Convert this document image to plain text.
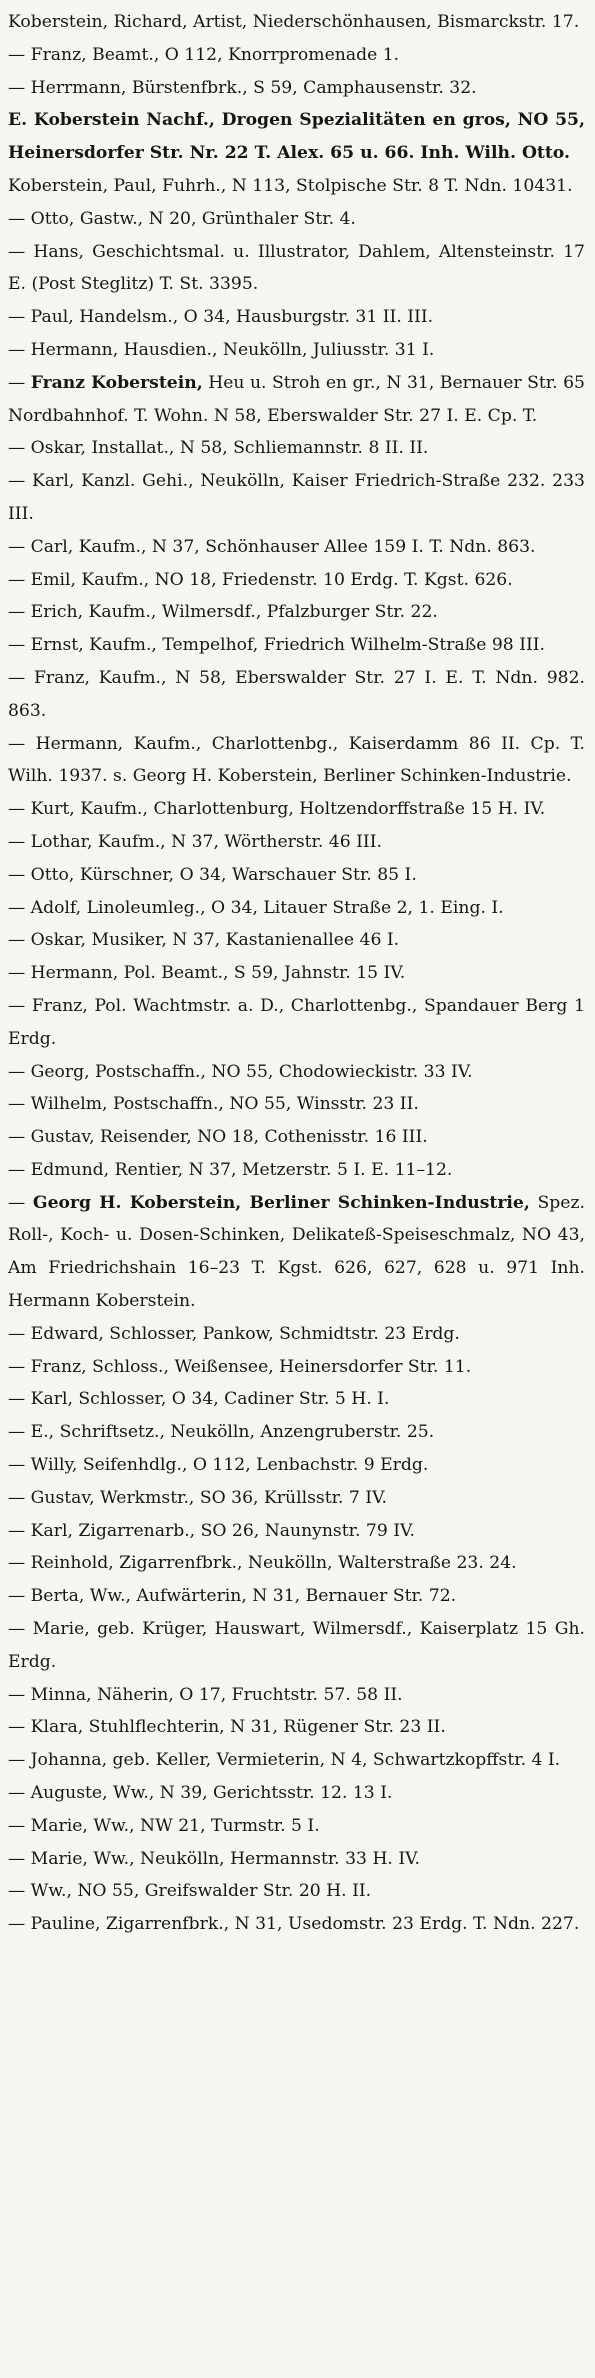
Koberstein, Richard, Artist, Niederschönhausen, Bismarckstr. 17.

— Franz, Beamt., O 112, Knorrpromenade 1.

— Herrmann, Bürstenfbrk., S 59, Camphausenstr. 32.

E. Koberstein Nachf., Drogen Spezialitäten en gros, NO 55, Heinersdorfer Str. Nr. 22 T. Alex. 65 u. 66. Inh. Wilh. Otto.

Koberstein, Paul, Fuhrh., N 113, Stolpische Str. 8 T. Ndn. 10431.

— Otto, Gastw., N 20, Grünthaler Str. 4.

— Hans, Geschichtsmal. u. Illustrator, Dahlem, Altensteinstr. 17 E. (Post Steglitz) T. St. 3395.

— Paul, Handelsm., O 34, Hausburgstr. 31 II. III.

— Hermann, Hausdien., Neukölln, Juliusstr. 31 I.

— Franz Koberstein, Heu u. Stroh en gr., N 31, Bernauer Str. 65 Nordbahnhof. T. Wohn. N 58, Eberswalder Str. 27 I. E. Cp. T.

— Oskar, Installat., N 58, Schliemannstr. 8 II. II.

— Karl, Kanzl. Gehi., Neukölln, Kaiser Friedrich-Straße 232. 233 III.

— Carl, Kaufm., N 37, Schönhauser Allee 159 I. T. Ndn. 863.

— Emil, Kaufm., NO 18, Friedenstr. 10 Erdg. T. Kgst. 626.

— Erich, Kaufm., Wilmersdf., Pfalzburger Str. 22.

— Ernst, Kaufm., Tempelhof, Friedrich Wilhelm-Straße 98 III.

— Franz, Kaufm., N 58, Eberswalder Str. 27 I. E. T. Ndn. 982. 863.

— Hermann, Kaufm., Charlottenbg., Kaiserdamm 86 II. Cp. T. Wilh. 1937. s. Georg H. Koberstein, Berliner Schinken-Industrie.

— Kurt, Kaufm., Charlottenburg, Holtzendorffstraße 15 H. IV.

— Lothar, Kaufm., N 37, Wörtherstr. 46 III.

— Otto, Kürschner, O 34, Warschauer Str. 85 I.

— Adolf, Linoleumleg., O 34, Litauer Straße 2, 1. Eing. I.

— Oskar, Musiker, N 37, Kastanienallee 46 I.

— Hermann, Pol. Beamt., S 59, Jahnstr. 15 IV.

— Franz, Pol. Wachtmstr. a. D., Charlottenbg., Spandauer Berg 1 Erdg.

— Georg, Postschaffn., NO 55, Chodowieckistr. 33 IV.

— Wilhelm, Postschaffn., NO 55, Winsstr. 23 II.

— Gustav, Reisender, NO 18, Cothenisstr. 16 III.

— Edmund, Rentier, N 37, Metzerstr. 5 I. E. 11–12.

— Georg H. Koberstein, Berliner Schinken-Industrie, Spez. Roll-, Koch- u. Dosen-Schinken, Delikateß-Speiseschmalz, NO 43, Am Friedrichshain 16–23 T. Kgst. 626, 627, 628 u. 971 Inh. Hermann Koberstein.

— Edward, Schlosser, Pankow, Schmidtstr. 23 Erdg.

— Franz, Schloss., Weißensee, Heinersdorfer Str. 11.

— Karl, Schlosser, O 34, Cadiner Str. 5 H. I.

— E., Schriftsetz., Neukölln, Anzengruberstr. 25.

— Willy, Seifenhdlg., O 112, Lenbachstr. 9 Erdg.

— Gustav, Werkmstr., SO 36, Krüllsstr. 7 IV.

— Karl, Zigarrenarb., SO 26, Naunynstr. 79 IV.

— Reinhold, Zigarrenfbrk., Neukölln, Walterstraße 23. 24.

— Berta, Ww., Aufwärterin, N 31, Bernauer Str. 72.

— Marie, geb. Krüger, Hauswart, Wilmersdf., Kaiserplatz 15 Gh. Erdg.

— Minna, Näherin, O 17, Fruchtstr. 57. 58 II.

— Klara, Stuhlflechterin, N 31, Rügener Str. 23 II.

— Johanna, geb. Keller, Vermieterin, N 4, Schwartzkopffstr. 4 I.

— Auguste, Ww., N 39, Gerichtsstr. 12. 13 I.

— Marie, Ww., NW 21, Turmstr. 5 I.

— Marie, Ww., Neukölln, Hermannstr. 33 H. IV.

— Ww., NO 55, Greifswalder Str. 20 H. II.

— Pauline, Zigarrenfbrk., N 31, Usedomstr. 23 Erdg. T. Ndn. 227.
